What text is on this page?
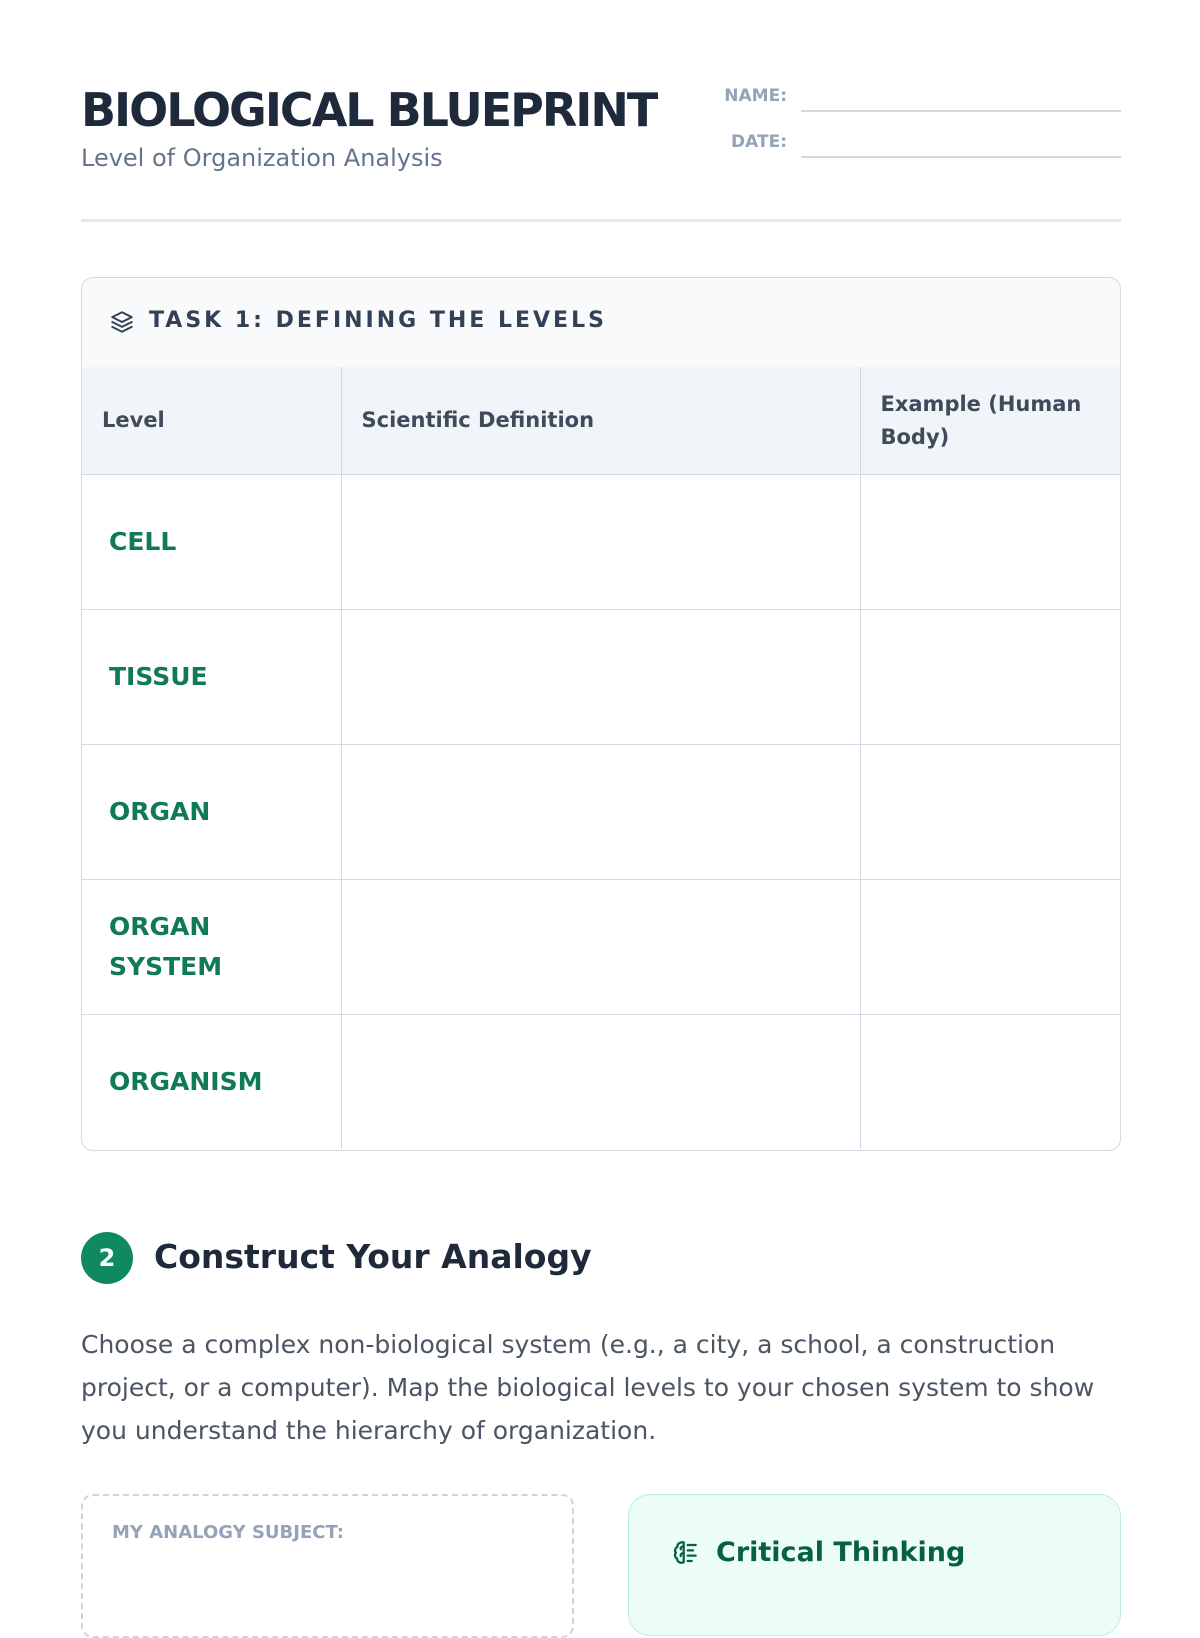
BIOLOGICAL BLUEPRINT
Level of Organization Analysis
NAME:
DATE:
TASK 1: DEFINING THE LEVELS
Level	Scientific Definition	Example (Human Body)
CELL		
TISSUE		
ORGAN		

ORGAN SYSTEM		

ORGANISM		
2	Construct Your Analogy

Choose a complex non-biological system (e.g., a city, a school, a construction project, or a computer). Map the biological levels to your chosen system to show you understand the hierarchy of organization.

MY ANALOGY SUBJECT:
Critical Thinking
